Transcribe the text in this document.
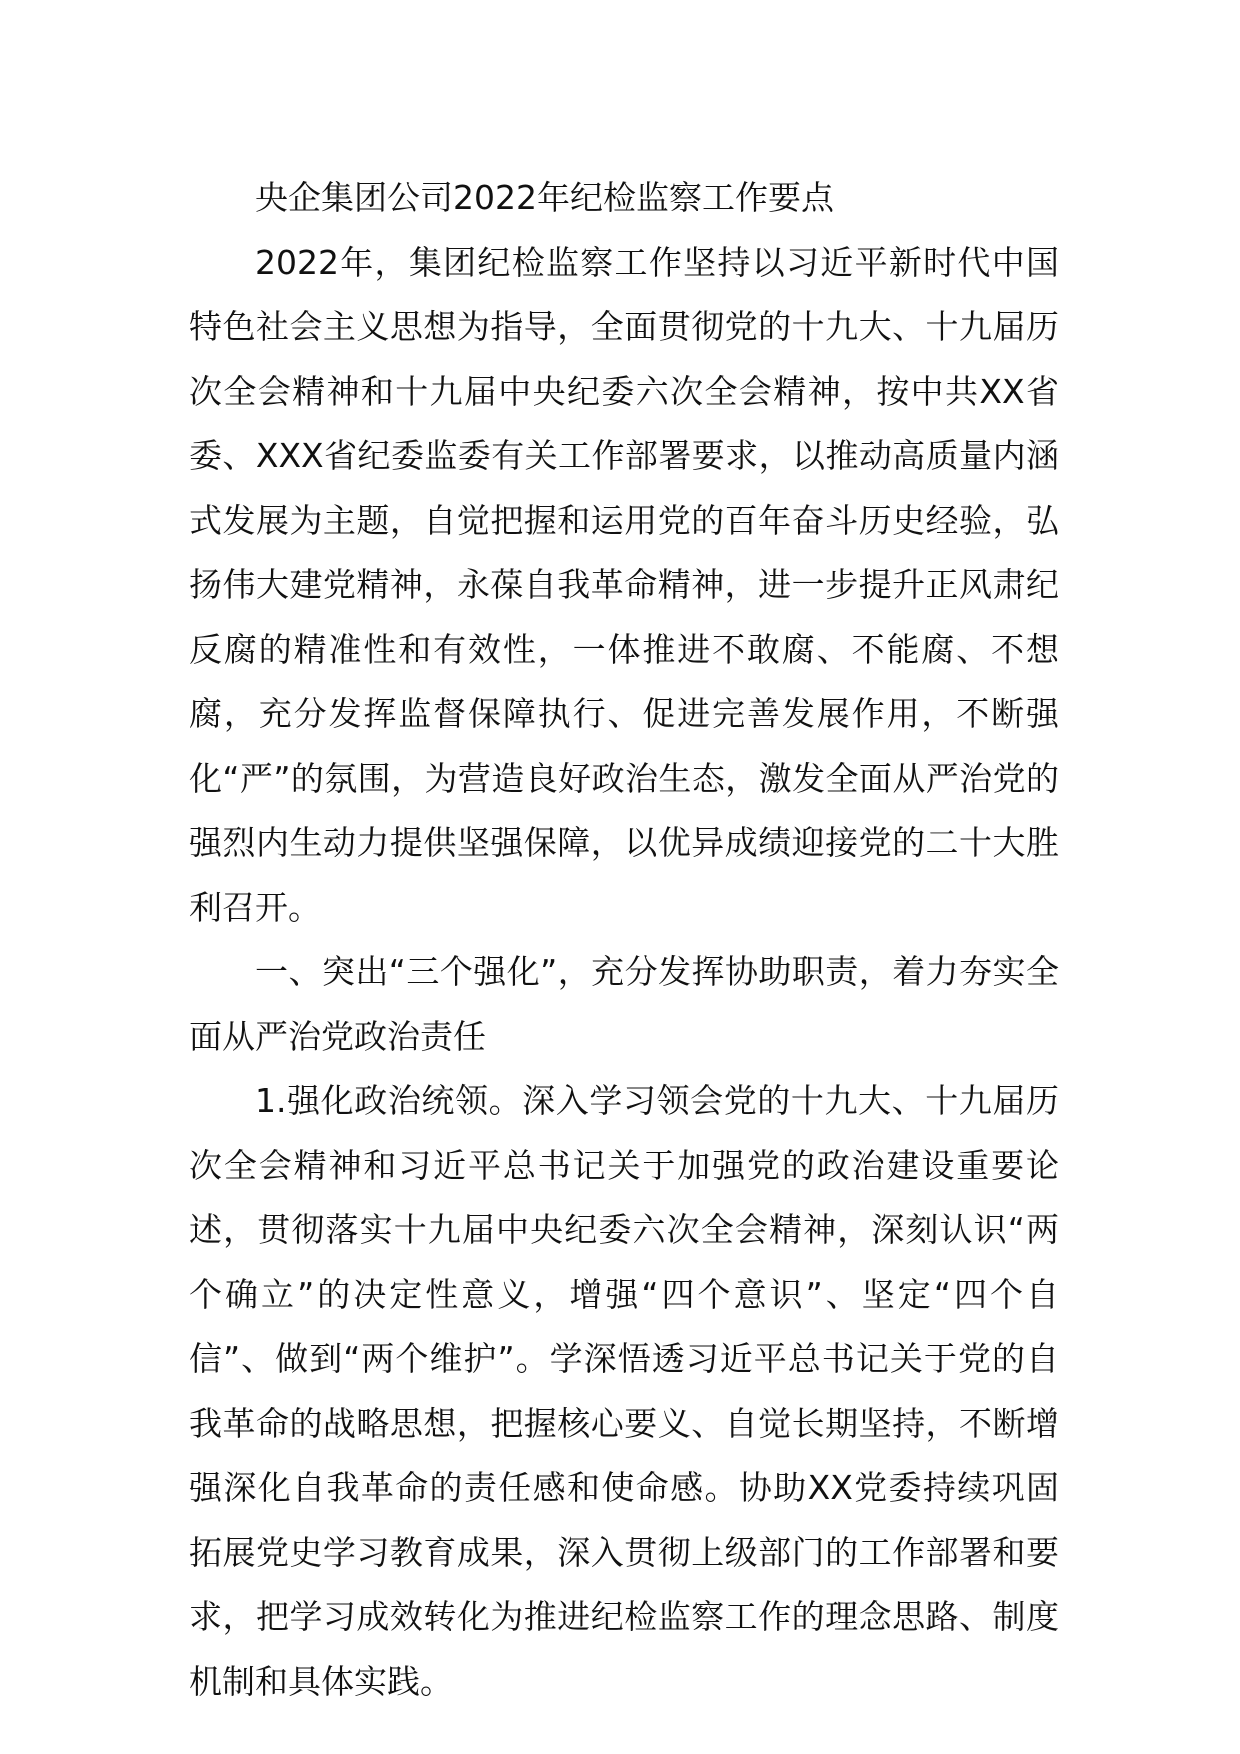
央企集团公司2022年纪检监察工作要点

2022年，集团纪检监察工作坚持以习近平新时代中国特色社会主义思想为指导，全面贯彻党的十九大、十九届历次全会精神和十九届中央纪委六次全会精神，按中共XX省委、XXX省纪委监委有关工作部署要求，以推动高质量内涵式发展为主题，自觉把握和运用党的百年奋斗历史经验，弘扬伟大建党精神，永葆自我革命精神，进一步提升正风肃纪反腐的精准性和有效性，一体推进不敢腐、不能腐、不想腐，充分发挥监督保障执行、促进完善发展作用，不断强化“严”的氛围，为营造良好政治生态，激发全面从严治党的强烈内生动力提供坚强保障，以优异成绩迎接党的二十大胜利召开。

一、突出“三个强化”，充分发挥协助职责，着力夯实全面从严治党政治责任

1.强化政治统领。深入学习领会党的十九大、十九届历次全会精神和习近平总书记关于加强党的政治建设重要论述，贯彻落实十九届中央纪委六次全会精神，深刻认识“两个确立”的决定性意义，增强“四个意识”、坚定“四个自信”、做到“两个维护”。学深悟透习近平总书记关于党的自我革命的战略思想，把握核心要义、自觉长期坚持，不断增强深化自我革命的责任感和使命感。协助XX党委持续巩固拓展党史学习教育成果，深入贯彻上级部门的工作部署和要求，把学习成效转化为推进纪检监察工作的理念思路、制度机制和具体实践。
